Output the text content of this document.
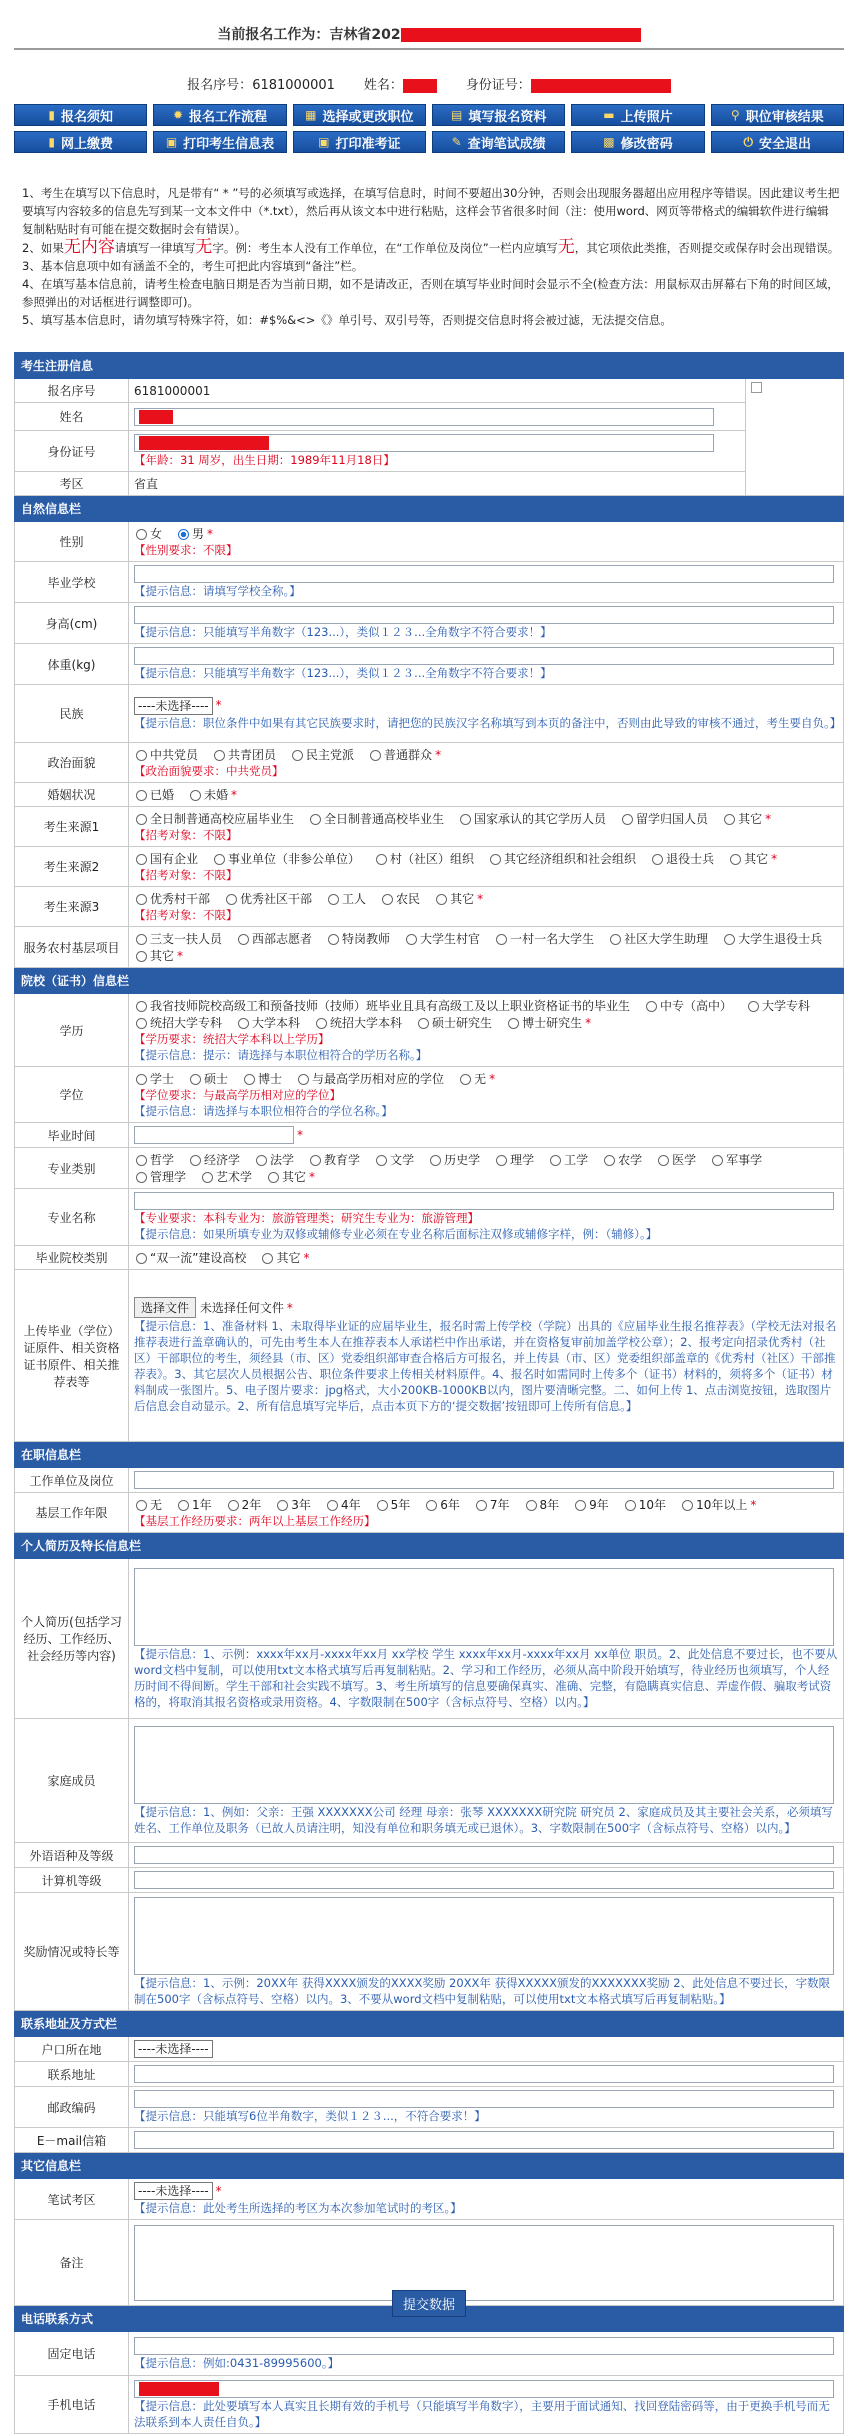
当前报名工作为：吉林省202
报名序号：6181000001 姓名：	身份证号：
▮ 报名须知	✹ 报名工作流程	▦ 选择或更改职位	▤ 填写报名资料	▬ 上传照片	⚲ 职位审核结果
▮ 网上缴费	▣ 打印考生信息表	▣ 打印准考证	✎ 查询笔试成绩	▩ 修改密码	⏻ 安全退出
1、考生在填写以下信息时，凡是带有“ * ”号的必须填写或选择，在填写信息时，时间不要超出30分钟，否则会出现服务器超出应用程序等错误。因此建议考生把要填写内容较多的信息先写到某一文本文件中（*.txt），然后再从该文本中进行粘贴，这样会节省很多时间（注：使用word、网页等带格式的编辑软件进行编辑复制粘贴时有可能在提交数据时会有错误）。
2、如果无内容请填写一律填写无字。例：考生本人没有工作单位，在“工作单位及岗位”一栏内应填写无，其它项依此类推，否则提交或保存时会出现错误。
3、基本信息项中如有涵盖不全的，考生可把此内容填到“备注”栏。
4、在填写基本信息前，请考生检查电脑日期是否为当前日期，如不是请改正，否则在填写毕业时间时会显示不全(检查方法：用鼠标双击屏幕右下角的时间区域，参照弹出的对话框进行调整即可)。
5、填写基本信息时，请勿填写特殊字符，如：#$%&<>《》单引号、双引号等，否则提交信息时将会被过滤，无法提交信息。
考生注册信息		
报名序号	6181000001	
姓名		

身份证号	【年龄：31 周岁，出生日期：1989年11月18日】	

考区	省直	
自然信息栏		
性别	女 男 *
【性别要求：不限】	

毕业学校	【提示信息：请填写学校全称。】	

身高(cm)	【提示信息：只能填写半角数字（123...），类似１２３...全角数字不符合要求！】	

体重(kg)	【提示信息：只能填写半角数字（123...），类似１２３...全角数字不符合要求！】	

民族	----未选择---- *
【提示信息：职位条件中如果有其它民族要求时，请把您的民族汉字名称填写到本页的备注中，否则由此导致的审核不通过，考生要自负。】	

政治面貌	中共党员 共青团员 民主党派 普通群众 *
【政治面貌要求：中共党员】	

婚姻状况	已婚 未婚 *	
考生来源1	全日制普通高校应届毕业生 全日制普通高校毕业生 国家承认的其它学历人员 留学归国人员 其它 *
【招考对象：不限】	

考生来源2	国有企业 事业单位（非参公单位） 村（社区）组织 其它经济组织和社会组织 退役士兵 其它 *
【招考对象：不限】	

考生来源3	优秀村干部 优秀社区干部 工人 农民 其它 *
【招考对象：不限】	

服务农村基层项目	三支一扶人员 西部志愿者 特岗教师 大学生村官 一村一名大学生 社区大学生助理 大学生退役士兵其它 *	
院校（证书）信息栏		
学历	我省技师院校高级工和预备技师（技师）班毕业且具有高级工及以上职业资格证书的毕业生 中专（高中） 大学专科统招大学专科 大学本科 统招大学本科 硕士研究生 博士研究生 *
【学历要求：统招大学本科以上学历】
【提示信息：提示：请选择与本职位相符合的学历名称。】	

学位	学士 硕士 博士 与最高学历相对应的学位 无 *
【学位要求：与最高学历相对应的学位】
【提示信息：请选择与本职位相符合的学位名称。】	

毕业时间	*	
专业类别	哲学 经济学 法学 教育学 文学 历史学 理学 工学 农学 医学 军事学管理学 艺术学 其它 *	
专业名称	【专业要求：本科专业为：旅游管理类；研究生专业为：旅游管理】
【提示信息：如果所填专业为双修或辅修专业必须在专业名称后面标注双修或辅修字样，例：（辅修）。】	

毕业院校类别	“双一流”建设高校 其它 *	
上传毕业（学位）证原件、相关资格证书原件、相关推荐表等	选择文件 未选择任何文件 *
【提示信息：1、准备材料 1、未取得毕业证的应届毕业生，报名时需上传学校（学院）出具的《应届毕业生报名推荐表》（学校无法对报名推荐表进行盖章确认的，可先由考生本人在推荐表本人承诺栏中作出承诺，并在资格复审前加盖学校公章）；2、报考定向招录优秀村（社区）干部职位的考生，须经县（市、区）党委组织部审查合格后方可报名，并上传县（市、区）党委组织部盖章的《优秀村（社区）干部推荐表》。3、其它层次人员根据公告、职位条件要求上传相关材料原件。4、报名时如需同时上传多个（证书）材料的，须将多个（证书）材料制成一张图片。5、电子图片要求：jpg格式，大小200KB-1000KB以内，图片要清晰完整。二、如何上传 1、点击浏览按钮，选取图片后信息会自动显示。2、所有信息填写完毕后，点击本页下方的‘提交数据’按钮即可上传所有信息。】	

在职信息栏		
工作单位及岗位		
基层工作年限	无 1年 2年 3年 4年 5年 6年 7年 8年 9年 10年 10年以上 *
【基层工作经历要求：两年以上基层工作经历】	

个人简历及特长信息栏		
个人简历(包括学习经历、工作经历、社会经历等内容)	【提示信息：1、示例：xxxx年xx月-xxxx年xx月 xx学校 学生 xxxx年xx月-xxxx年xx月 xx单位 职员。2、此处信息不要过长，也不要从word文档中复制，可以使用txt文本格式填写后再复制粘贴。2、学习和工作经历，必须从高中阶段开始填写，待业经历也须填写，个人经历时间不得间断。学生干部和社会实践不填写。3、考生所填写的信息要确保真实、准确、完整，有隐瞒真实信息、弄虚作假、骗取考试资格的，将取消其报名资格或录用资格。4、字数限制在500字（含标点符号、空格）以内。】	

家庭成员	【提示信息：1、例如：父亲：王强 XXXXXXX公司 经理 母亲：张琴 XXXXXXX研究院 研究员 2、家庭成员及其主要社会关系，必须填写姓名、工作单位及职务（已故人员请注明，知没有单位和职务填无或已退休）。3、字数限制在500字（含标点符号、空格）以内。】	

外语语种及等级		
计算机等级		
奖励情况或特长等	【提示信息：1、示例：20XX年 获得XXXX颁发的XXXX奖励 20XX年 获得XXXXX颁发的XXXXXXX奖励 2、此处信息不要过长，字数限制在500字（含标点符号、空格）以内。3、不要从word文档中复制粘贴，可以使用txt文本格式填写后再复制粘贴。】	

联系地址及方式栏		
户口所在地	----未选择----	
联系地址		
邮政编码	【提示信息：只能填写6位半角数字，类似１２３...，不符合要求！】	

E－mail信箱		
其它信息栏		
笔试考区	----未选择---- *
【提示信息：此处考生所选择的考区为本次参加笔试时的考区。】	

备注		

电话联系方式		
固定电话	【提示信息：例如:0431-89995600。】	

手机电话	【提示信息：此处要填写本人真实且长期有效的手机号（只能填写半角数字），主要用于面试通知、找回登陆密码等，由于更换手机号而无法联系到本人责任自负。】	
提交数据
